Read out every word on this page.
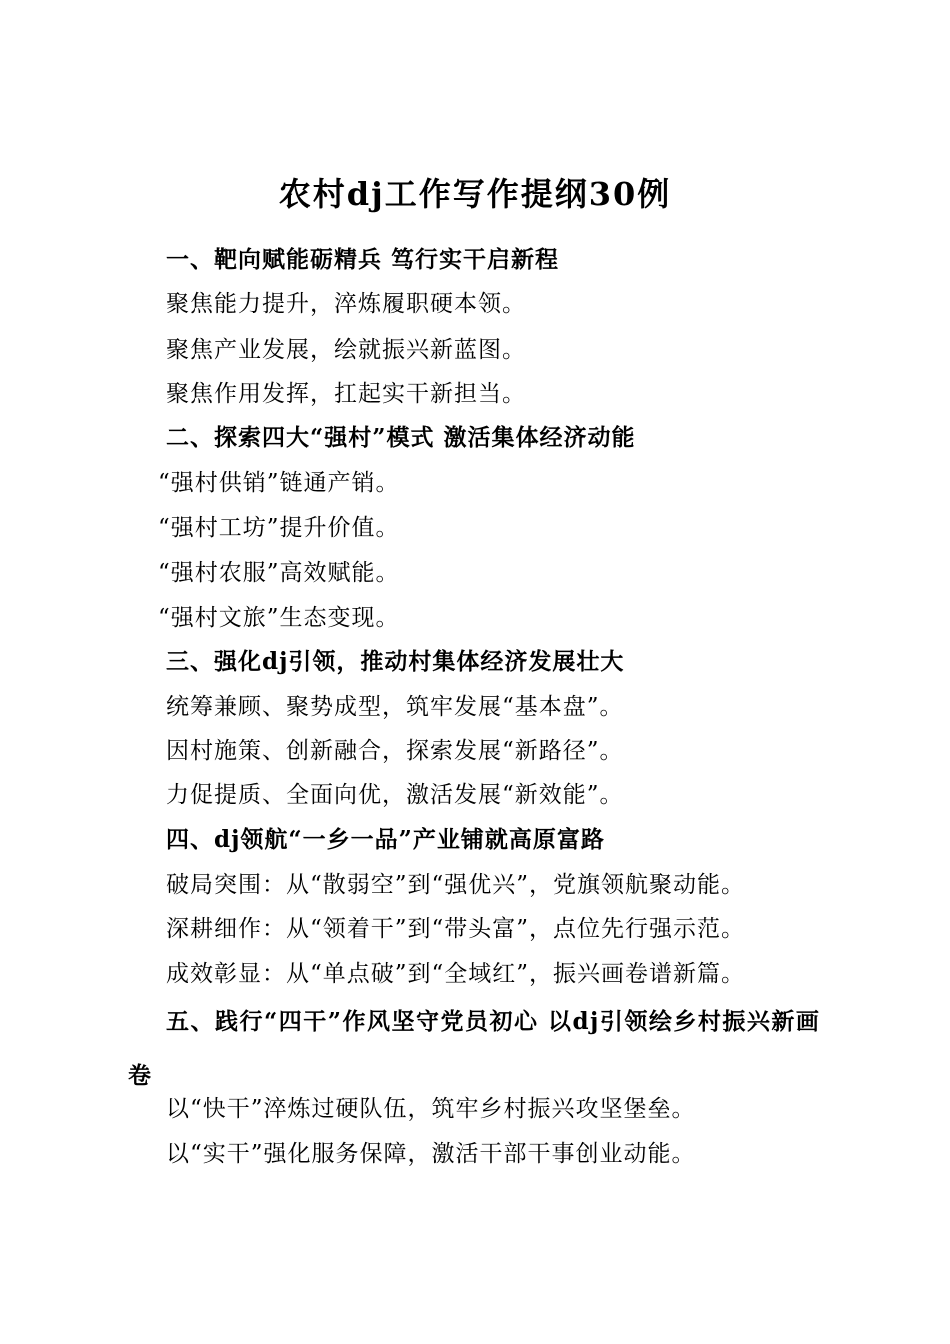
农村dj工作写作提纲30例
一、靶向赋能砺精兵 笃行实干启新程
聚焦能力提升，淬炼履职硬本领。
聚焦产业发展，绘就振兴新蓝图。
聚焦作用发挥，扛起实干新担当。
二、探索四大“强村”模式 激活集体经济动能
“强村供销”链通产销。
“强村工坊”提升价值。
“强村农服”高效赋能。
“强村文旅”生态变现。
三、强化dj引领，推动村集体经济发展壮大
统筹兼顾、聚势成型，筑牢发展“基本盘”。
因村施策、创新融合，探索发展“新路径”。
力促提质、全面向优，激活发展“新效能”。
四、dj领航“一乡一品”产业铺就高原富路
破局突围：从“散弱空”到“强优兴”，党旗领航聚动能。
深耕细作：从“领着干”到“带头富”，点位先行强示范。
成效彰显：从“单点破”到“全域红”，振兴画卷谱新篇。
五、践行“四干”作风坚守党员初心 以dj引领绘乡村振兴新画卷
以“快干”淬炼过硬队伍，筑牢乡村振兴攻坚堡垒。
以“实干”强化服务保障，激活干部干事创业动能。
